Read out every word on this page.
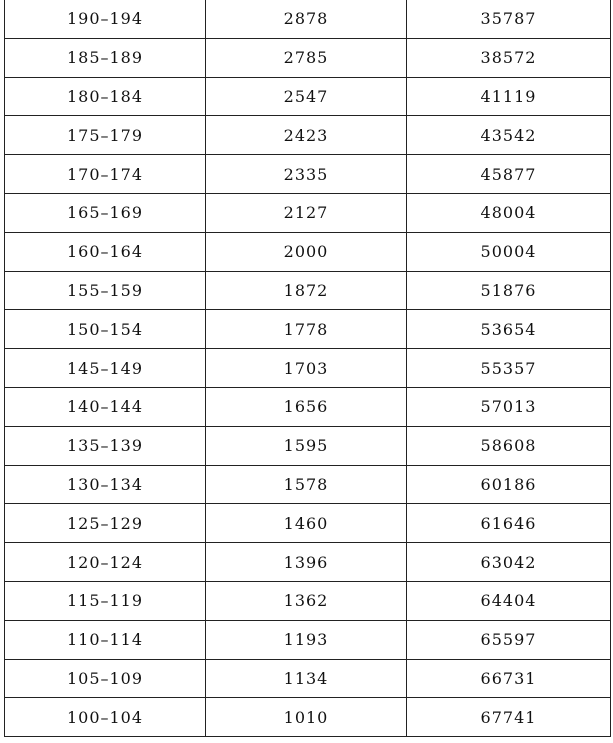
190–194	2878	35787
185–189	2785	38572
180–184	2547	41119
175–179	2423	43542
170–174	2335	45877
165–169	2127	48004
160–164	2000	50004
155–159	1872	51876
150–154	1778	53654
145–149	1703	55357
140–144	1656	57013
135–139	1595	58608
130–134	1578	60186
125–129	1460	61646
120–124	1396	63042
115–119	1362	64404
110–114	1193	65597
105–109	1134	66731
100–104	1010	67741
